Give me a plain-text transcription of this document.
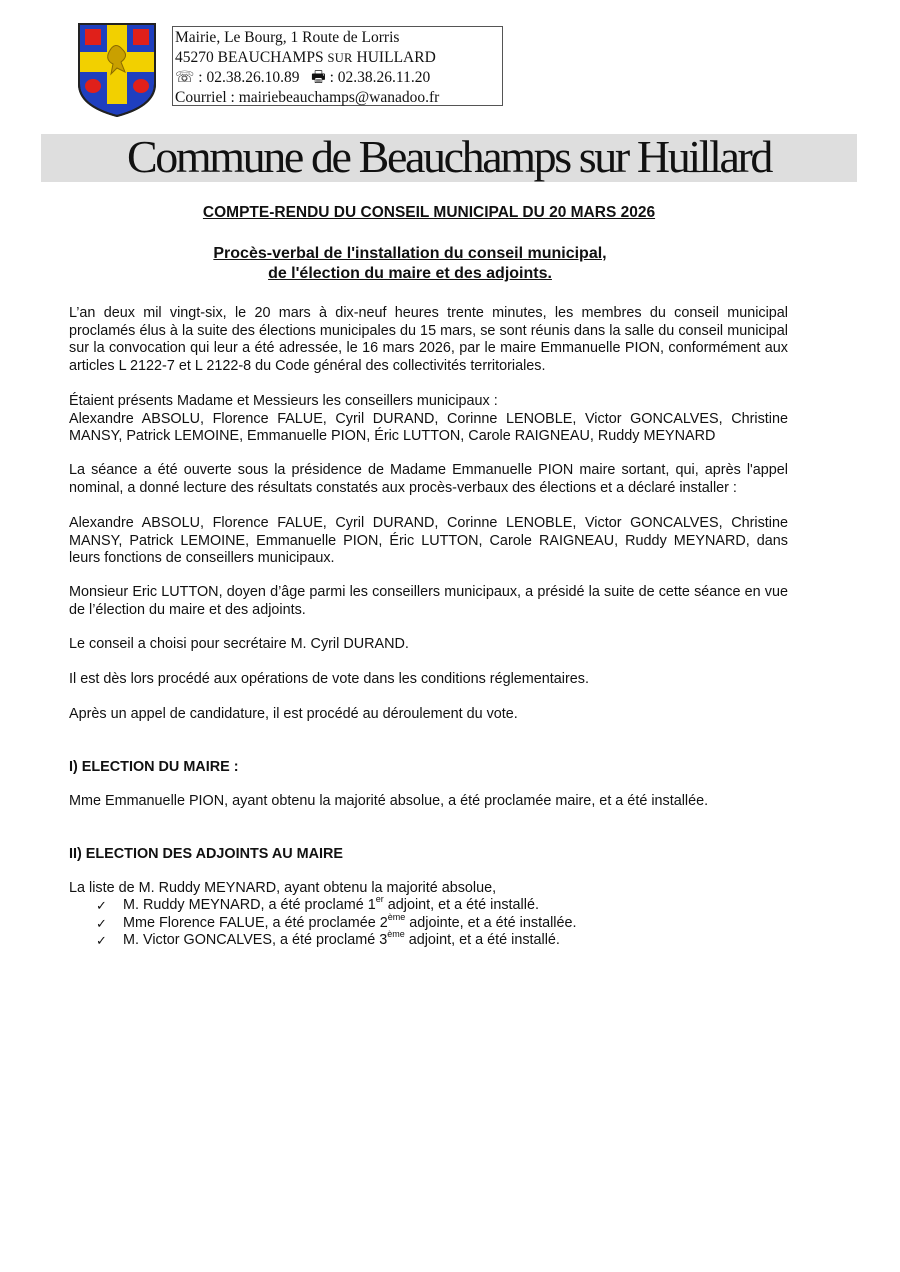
Mairie, Le Bourg, 1 Route de Lorris
45270 BEAUCHAMPS SUR HUILLARD
☏ : 02.38.26.10.89 🖶 : 02.38.26.11.20
Courriel : mairiebeauchamps@wanadoo.fr
Commune de Beauchamps sur Huillard
COMPTE-RENDU DU CONSEIL MUNICIPAL DU 20 MARS 2026
Procès-verbal de l'installation du conseil municipal,
de l'élection du maire et des adjoints.
L’an deux mil vingt-six, le 20 mars à dix-neuf heures trente minutes, les membres du conseil municipal proclamés élus à la suite des élections municipales du 15 mars, se sont réunis dans la salle du conseil municipal sur la convocation qui leur a été adressée, le 16 mars 2026, par le maire Emmanuelle PION, conformément aux articles L 2122-7 et L 2122-8 du Code général des collectivités territoriales.
Étaient présents Madame et Messieurs les conseillers municipaux :
Alexandre ABSOLU, Florence FALUE, Cyril DURAND, Corinne LENOBLE, Victor GONCALVES, Christine MANSY, Patrick LEMOINE, Emmanuelle PION, Éric LUTTON, Carole RAIGNEAU, Ruddy MEYNARD
La séance a été ouverte sous la présidence de Madame Emmanuelle PION maire sortant, qui, après l'appel nominal, a donné lecture des résultats constatés aux procès-verbaux des élections et a déclaré installer :
Alexandre ABSOLU, Florence FALUE, Cyril DURAND, Corinne LENOBLE, Victor GONCALVES, Christine MANSY, Patrick LEMOINE, Emmanuelle PION, Éric LUTTON, Carole RAIGNEAU, Ruddy MEYNARD, dans leurs fonctions de conseillers municipaux.
Monsieur Eric LUTTON, doyen d’âge parmi les conseillers municipaux, a présidé la suite de cette séance en vue de l’élection du maire et des adjoints.
Le conseil a choisi pour secrétaire M. Cyril DURAND.
Il est dès lors procédé aux opérations de vote dans les conditions réglementaires.
Après un appel de candidature, il est procédé au déroulement du vote.
I) ELECTION DU MAIRE :
Mme Emmanuelle PION, ayant obtenu la majorité absolue, a été proclamée maire, et a été installée.
II) ELECTION DES ADJOINTS AU MAIRE
La liste de M. Ruddy MEYNARD, ayant obtenu la majorité absolue,
✓	M. Ruddy MEYNARD, a été proclamé 1er adjoint, et a été installé.
✓	Mme Florence FALUE, a été proclamée 2ème adjointe, et a été installée.
✓	M. Victor GONCALVES, a été proclamé 3ème adjoint, et a été installé.
